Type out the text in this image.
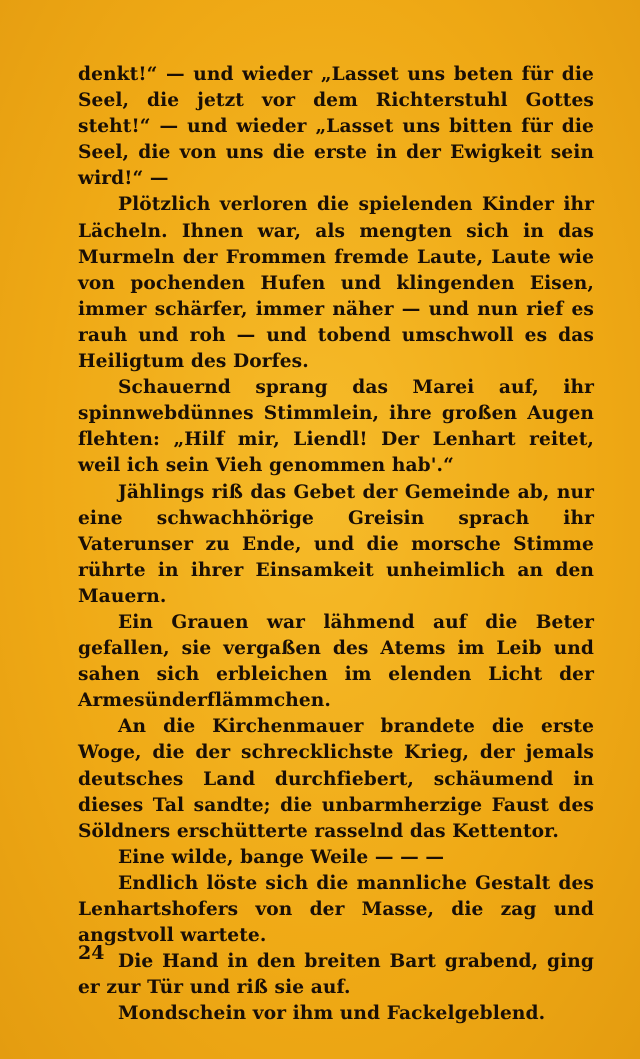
denkt!“ — und wieder „Lasset uns beten für die Seel, die jetzt vor dem Richterstuhl Gottes steht!“ — und wieder „Lasset uns bitten für die Seel, die von uns die erste in der Ewigkeit sein wird!“ —

Plötzlich verloren die spielenden Kinder ihr Lächeln. Ihnen war, als mengten sich in das Murmeln der Frommen fremde Laute, Laute wie von pochenden Hufen und klingenden Eisen, immer schärfer, immer näher — und nun rief es rauh und roh — und tobend umschwoll es das Heiligtum des Dorfes.

Schauernd sprang das Marei auf, ihr spinnwebdünnes Stimmlein, ihre großen Augen flehten: „Hilf mir, Liendl! Der Lenhart reitet, weil ich sein Vieh genommen hab'.“

Jählings riß das Gebet der Gemeinde ab, nur eine schwachhörige Greisin sprach ihr Vaterunser zu Ende, und die morsche Stimme rührte in ihrer Einsamkeit unheimlich an den Mauern.

Ein Grauen war lähmend auf die Beter gefallen, sie vergaßen des Atems im Leib und sahen sich erbleichen im elenden Licht der Armesünderflämmchen.

An die Kirchenmauer brandete die erste Woge, die der schrecklichste Krieg, der jemals deutsches Land durchfiebert, schäumend in dieses Tal sandte; die unbarmherzige Faust des Söldners erschütterte rasselnd das Kettentor.

Eine wilde, bange Weile — — —

Endlich löste sich die mannliche Gestalt des Lenhartshofers von der Masse, die zag und angstvoll wartete.

Die Hand in den breiten Bart grabend, ging er zur Tür und riß sie auf.

Mondschein vor ihm und Fackelgeblend.

24
